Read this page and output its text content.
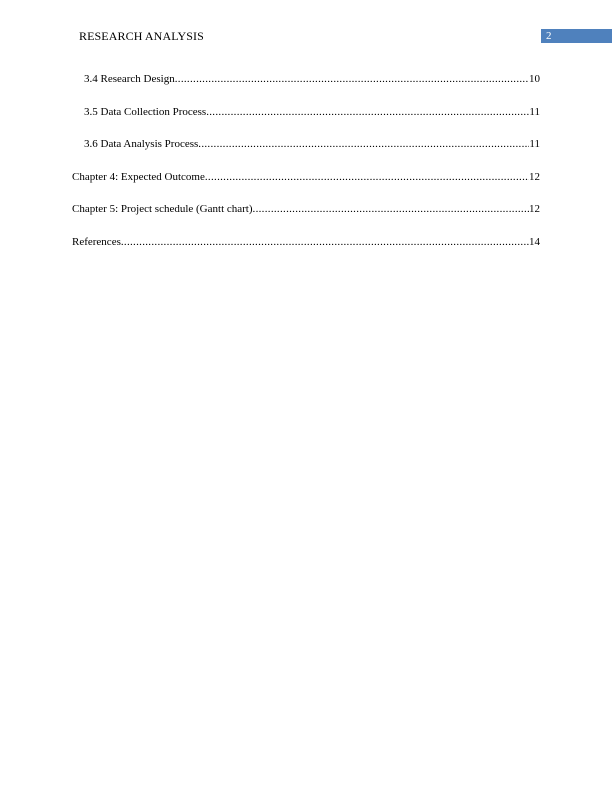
RESEARCH ANALYSIS	2
3.4 Research Design .....	10
3.5 Data Collection Process .....	11
3.6 Data Analysis Process .....	11
Chapter 4: Expected Outcome .....	12
Chapter 5: Project schedule (Gantt chart) .....	12
References .....	14
